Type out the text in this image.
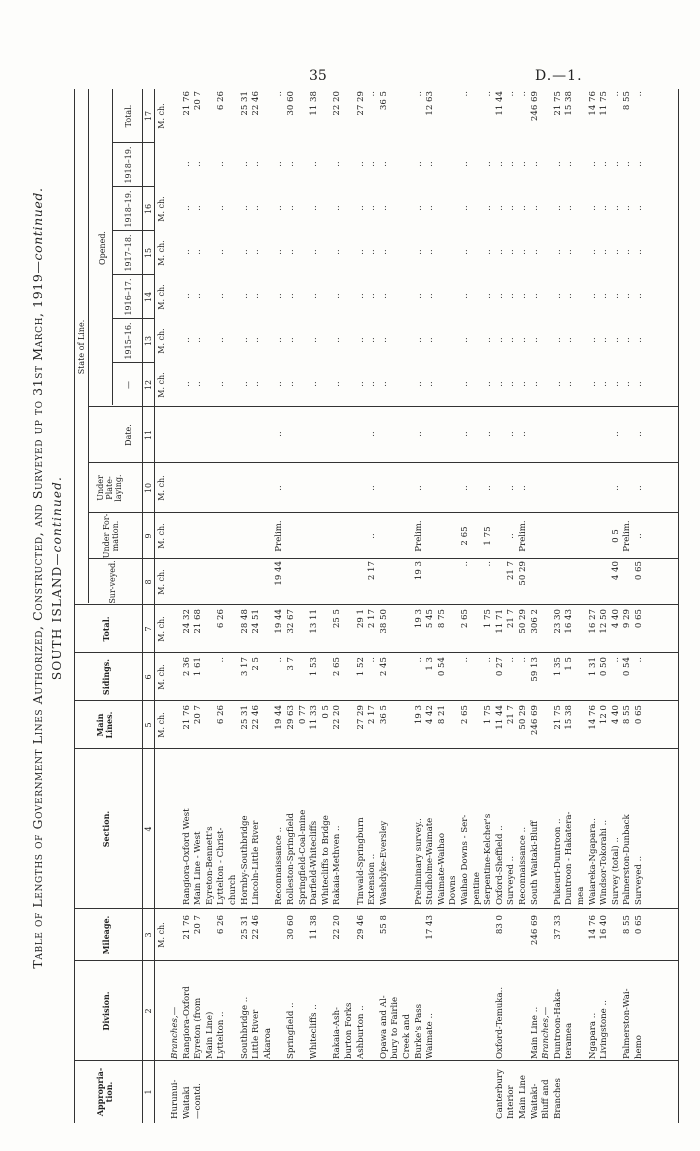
35	D.—1.
Table of Lengths of Government Lines Authorized, Constructed, and Surveyed up to 31st March, 1919—continued.
SOUTH ISLAND—continued.
Appropria-tion.
Division.
Mileage.
Section.
Main Lines.
Sidings.
Total.
State of Line.
Sur-veyed.
Under For-mation.
Under Plate-laying.
Opened.
Date.
—
1915–16.
1916–17.
1917–18.
1918–19.
1918–19.
Total.
1
2
3
4
5
6
7
8
9
10
11
12
13
14
15
16
17
M. ch.
M. ch.
M. ch.
M. ch.
M. ch.
M. ch.
M. ch.
M. ch.
M. ch.
M. ch.
M. ch.
M. ch.
M. ch.
Hurunui-
Branches,—
Waitaki
Rangiora-Oxford
21 76
Rangiora-Oxford West
21 76
2 36
24 32
..
..
..
..
..
..
21 76
—contd.
Eyreton (from
20 7
Main Line - West
20 7
1 61
21 68
..
..
..
..
..
..
20 7
Main Line)
Eyreton-Bennett's
Lyttelton ..
6 26
Lyttelton - Christ-
6 26
..
6 26
..
..
..
..
..
..
6 26
church
Southbridge ..
25 31
Hornby-Southbridge
25 31
3 17
28 48
..
..
..
..
..
..
25 31
Little River
22 46
Lincoln-Little River
22 46
2 5
24 51
..
..
..
..
..
..
22 46
Akaroa
Reconnaissance ..
19 44
..
19 44
19 44
Prelim.
..
..
..
..
..
..
..
..
..
Springfield ..
30 60
Rolleston-Springfield
29 63
3 7
32 67
..
..
..
..
..
..
30 60
Springfield-Coal-mine
0 77
Whitecliffs ..
11 38
Darfield-Whitecliffs
11 33
1 53
13 11
..
..
..
..
..
..
11 38
Whitecliffs to Bridge
0 5
Rakaia-Ash-
22 20
Rakaia-Methven ..
22 20
2 65
25 5
..
..
..
..
..
..
22 20
burton Forks Ashburton ..
29 46
Tinwald-Springburn
27 29
1 52
29 1
..
..
..
..
..
..
27 29
Extension ..
2 17
..
2 17
2 17
..
..
..
..
..
..
..
..
..
..
Opawa and Al-
55 8
Washdyke-Eversley
36 5
2 45
38 50
..
..
..
..
..
..
36 5
bury to Fairlie Creek and Burke's Pass
Preliminary survey..
19 3
..
19 3
19 3
Prelim.
..
..
..
..
..
..
..
..
..
Waimate ..
17 43
Studholme-Waimate
4 42
1 3
5 45
..
..
..
..
..
..
12 63
Waimate-Waihao
8 21
0 54
8 75
Downs Waihao Downs - Ser-
2 65
..
2 65
..
2 65
..
..
..
..
..
..
..
..
..
pentine Serpentine-Kelcher's
1 75
..
1 75
..
1 75
..
..
..
..
..
..
..
..
..
Canterbury
Oxford-Temuka..
83 0
Oxford-Sheffield ..
11 44
0 27
11 71
..
..
..
..
..
..
11 44
Interior
Surveyed ..
21 7
..
21 7
21 7
..
..
..
..
..
..
..
..
..
..
Main Line
Reconnaissance ..
50 29
..
50 29
50 29
Prelim.
..
..
..
..
..
..
..
..
..
Waitaki-
Main Line ..
246 69
South Waitaki-Bluff
246 69
59 13
306 2
..
..
..
..
..
..
246 69
Bluff and
Branches,—
Branches
Duntroon-Haka-
37 33
Pukeuri-Duntroon ..
21 75
1 35
23 30
..
..
..
..
..
..
21 75
teramea
Duntroon - Hakatera-
15 38
1 5
16 43
..
..
..
..
..
..
15 38
mea
Ngapara ..
14 76
Waiareka-Ngapara..
14 76
1 31
16 27
..
..
..
..
..
..
14 76
Livingstone ..
16 40
Windsor-Tokorahi ..
12 0
0 50
12 50
..
..
..
..
..
..
11 75
Survey (total) ..
4 40
..
4 40
4 40
0 5
..
..
..
..
..
..
..
..
..
Palmerston-Wai-
8 55
Palmerston-Dunback
8 55
0 54
9 29
Prelim.
..
..
..
..
..
..
8 55
hemo
0 65
Surveyed ..
0 65
..
0 65
0 65
..
..
..
..
..
..
..
..
..
..
